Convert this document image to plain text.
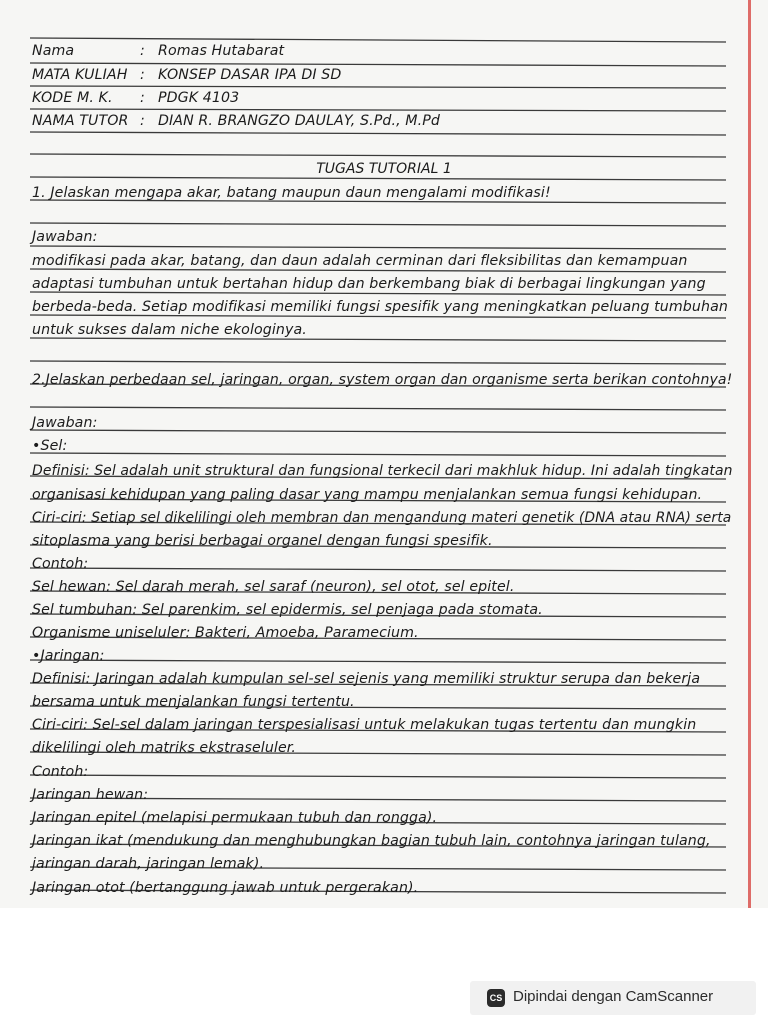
Nama	: Romas Hutabarat
MATA KULIAH : KONSEP DASAR IPA DI SD
KODE M. K. : PDGK 4103
NAMA TUTOR : DIAN R. BRANGZO DAULAY, S.Pd., M.Pd
TUGAS TUTORIAL 1
1. Jelaskan mengapa akar, batang maupun daun mengalami modifikasi!
Jawaban:
modifikasi pada akar, batang, dan daun adalah cerminan dari fleksibilitas dan kemampuan
adaptasi tumbuhan untuk bertahan hidup dan berkembang biak di berbagai lingkungan yang
berbeda-beda. Setiap modifikasi memiliki fungsi spesifik yang meningkatkan peluang tumbuhan
untuk sukses dalam niche ekologinya.
2.Jelaskan perbedaan sel, jaringan, organ, system organ dan organisme serta berikan contohnya!
Jawaban:
•Sel:
Definisi: Sel adalah unit struktural dan fungsional terkecil dari makhluk hidup. Ini adalah tingkatan
organisasi kehidupan yang paling dasar yang mampu menjalankan semua fungsi kehidupan.
Ciri-ciri: Setiap sel dikelilingi oleh membran dan mengandung materi genetik (DNA atau RNA) serta
sitoplasma yang berisi berbagai organel dengan fungsi spesifik.
Contoh:
Sel hewan: Sel darah merah, sel saraf (neuron), sel otot, sel epitel.
Sel tumbuhan: Sel parenkim, sel epidermis, sel penjaga pada stomata.
Organisme uniseluler: Bakteri, Amoeba, Paramecium.
•Jaringan:
Definisi: Jaringan adalah kumpulan sel-sel sejenis yang memiliki struktur serupa dan bekerja
bersama untuk menjalankan fungsi tertentu.
Ciri-ciri: Sel-sel dalam jaringan terspesialisasi untuk melakukan tugas tertentu dan mungkin
dikelilingi oleh matriks ekstraseluler.
Contoh:
Jaringan hewan:
Jaringan epitel (melapisi permukaan tubuh dan rongga).
Jaringan ikat (mendukung dan menghubungkan bagian tubuh lain, contohnya jaringan tulang,
jaringan darah, jaringan lemak).
Jaringan otot (bertanggung jawab untuk pergerakan).
CS Dipindai dengan CamScanner
